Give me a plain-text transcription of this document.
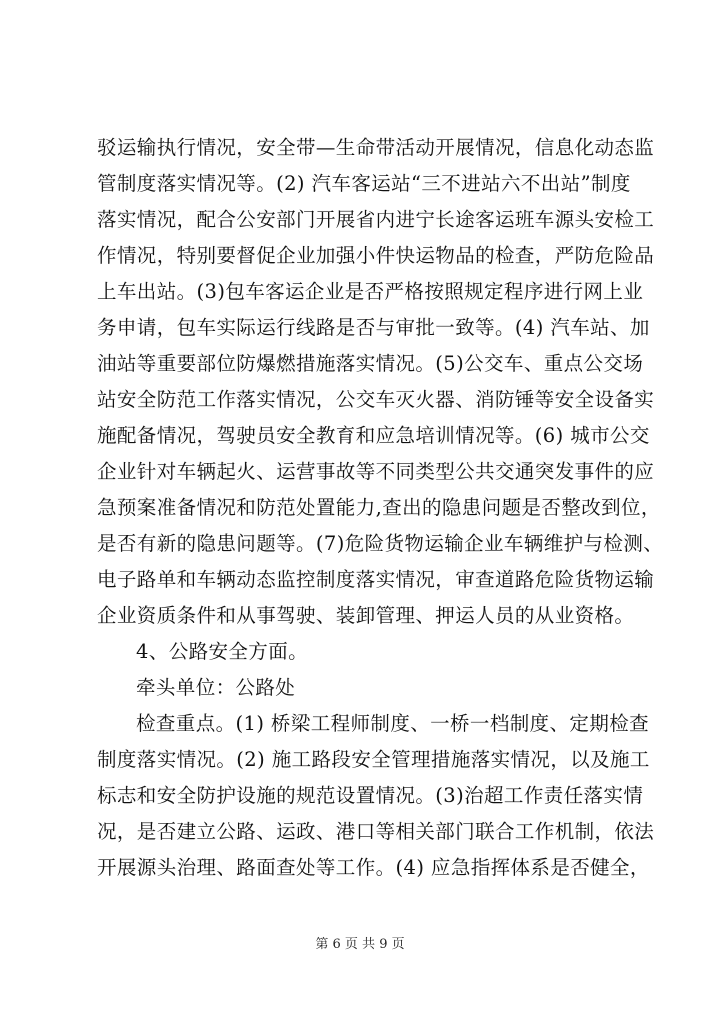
驳运输执行情况，安全带—生命带活动开展情况，信息化动态监
管制度落实情况等。(2) 汽车客运站“三不进站六不出站”制度
落实情况，配合公安部门开展省内进宁长途客运班车源头安检工
作情况，特别要督促企业加强小件快运物品的检查，严防危险品
上车出站。(3)包车客运企业是否严格按照规定程序进行网上业
务申请，包车实际运行线路是否与审批一致等。(4) 汽车站、加
油站等重要部位防爆燃措施落实情况。(5)公交车、重点公交场
站安全防范工作落实情况，公交车灭火器、消防锤等安全设备实
施配备情况，驾驶员安全教育和应急培训情况等。(6) 城市公交
企业针对车辆起火、运营事故等不同类型公共交通突发事件的应
急预案准备情况和防范处置能力,查出的隐患问题是否整改到位，
是否有新的隐患问题等。(7)危险货物运输企业车辆维护与检测、
电子路单和车辆动态监控制度落实情况，审查道路危险货物运输
企业资质条件和从事驾驶、装卸管理、押运人员的从业资格。
4、公路安全方面。
牵头单位：公路处
检查重点。(1) 桥梁工程师制度、一桥一档制度、定期检查
制度落实情况。(2) 施工路段安全管理措施落实情况，以及施工
标志和安全防护设施的规范设置情况。(3)治超工作责任落实情
况，是否建立公路、运政、港口等相关部门联合工作机制，依法
开展源头治理、路面查处等工作。(4) 应急指挥体系是否健全，
第 6 页 共 9 页
